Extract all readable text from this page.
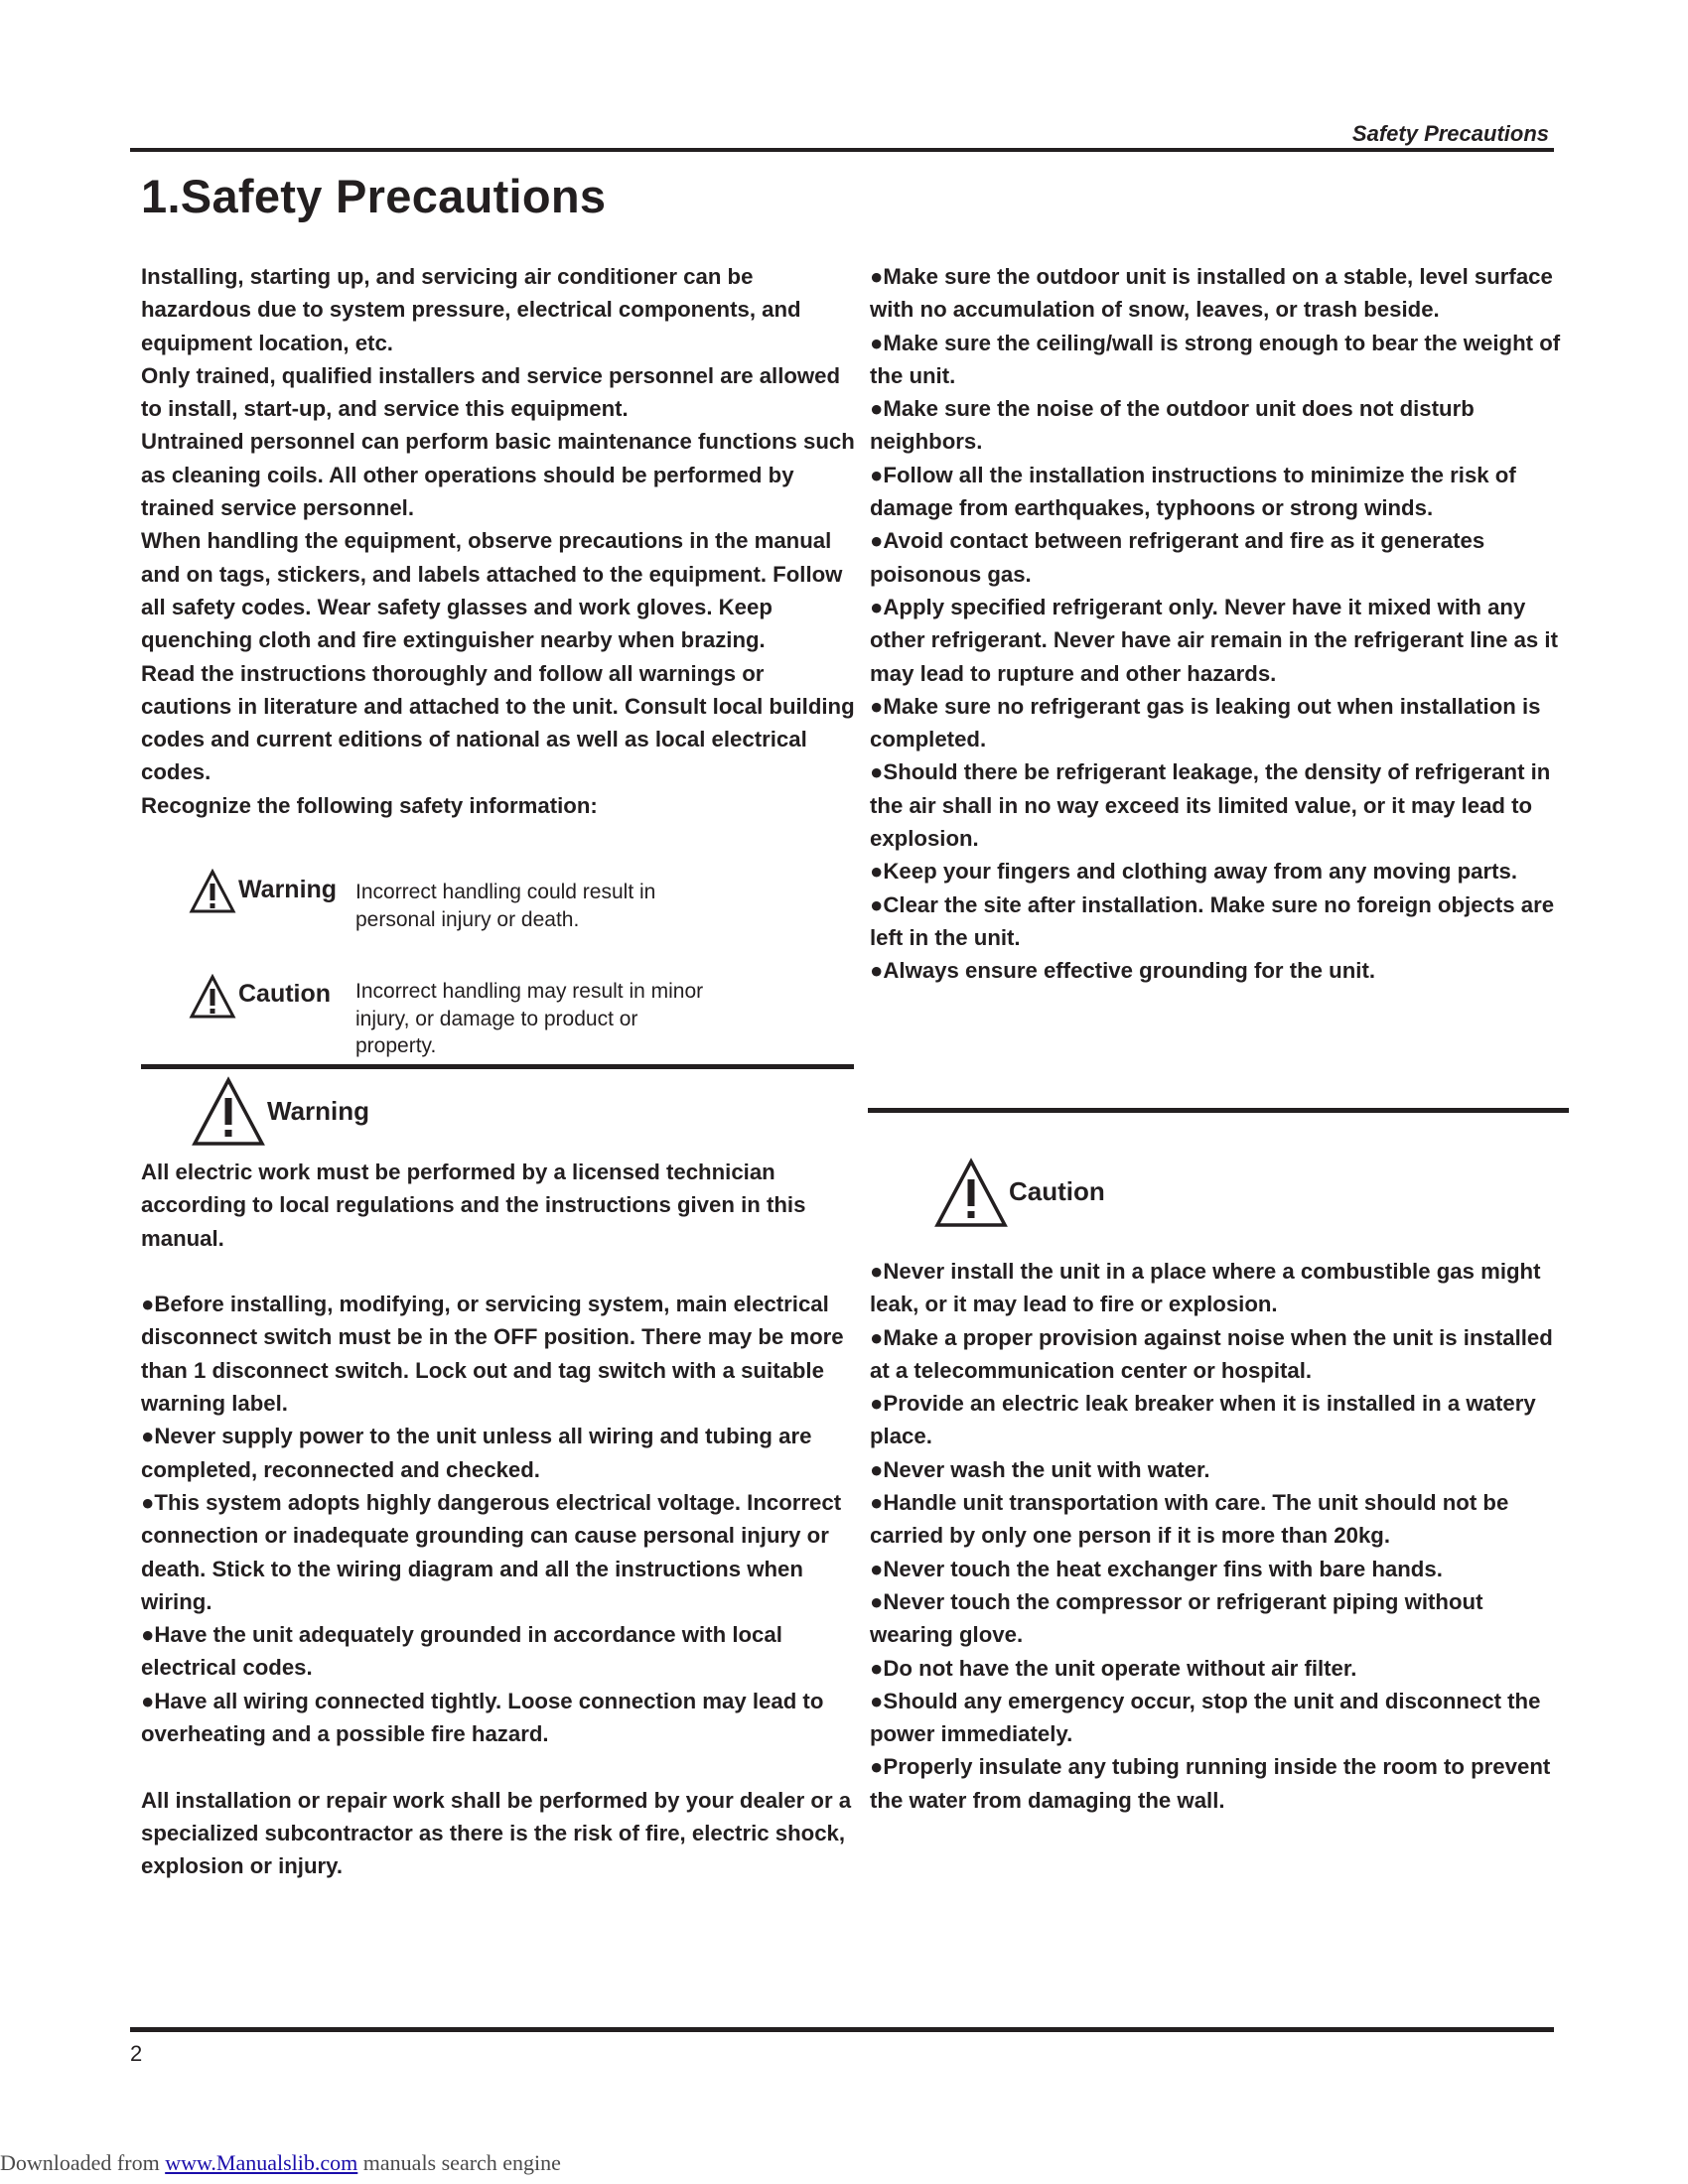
Safety Precautions
1.Safety Precautions

Installing, starting up, and servicing air conditioner can be hazardous due to system pressure, electrical components, and equipment location, etc.

Only trained, qualified installers and service personnel are allowed to install, start-up, and service this equipment.

Untrained personnel can perform basic maintenance functions such as cleaning coils. All other operations should be performed by trained service personnel.

When handling the equipment, observe precautions in the manual and on tags, stickers, and labels attached to the equipment. Follow all safety codes. Wear safety glasses and work gloves. Keep quenching cloth and fire extinguisher nearby when brazing.

Read the instructions thoroughly and follow all warnings or cautions in literature and attached to the unit. Consult local building codes and current editions of national as well as local electrical codes.

Recognize the following safety information:

Warning Incorrect handling could result in personal injury or death.
Caution Incorrect handling may result in minor injury, or damage to product or property.
Warning

All electric work must be performed by a licensed technician according to local regulations and the instructions given in this manual.

●Before installing, modifying, or servicing system, main electrical disconnect switch must be in the OFF position. There may be more than 1 disconnect switch. Lock out and tag switch with a suitable warning label.

●Never supply power to the unit unless all wiring and tubing are completed, reconnected and checked.

●This system adopts highly dangerous electrical voltage. Incorrect connection or inadequate grounding can cause personal injury or death. Stick to the wiring diagram and all the instructions when wiring.

●Have the unit adequately grounded in accordance with local electrical codes.

●Have all wiring connected tightly. Loose connection may lead to overheating and a possible fire hazard.

All installation or repair work shall be performed by your dealer or a specialized subcontractor as there is the risk of fire, electric shock, explosion or injury.

●Make sure the outdoor unit is installed on a stable, level surface with no accumulation of snow, leaves, or trash beside.

●Make sure the ceiling/wall is strong enough to bear the weight of the unit.

●Make sure the noise of the outdoor unit does not disturb neighbors.

●Follow all the installation instructions to minimize the risk of damage from earthquakes, typhoons or strong winds.

●Avoid contact between refrigerant and fire as it generates poisonous gas.

●Apply specified refrigerant only. Never have it mixed with any other refrigerant. Never have air remain in the refrigerant line as it may lead to rupture and other hazards.

●Make sure no refrigerant gas is leaking out when installation is completed.

●Should there be refrigerant leakage, the density of refrigerant in the air shall in no way exceed its limited value, or it may lead to explosion.

●Keep your fingers and clothing away from any moving parts.

●Clear the site after installation. Make sure no foreign objects are left in the unit.

●Always ensure effective grounding for the unit.

Caution

●Never install the unit in a place where a combustible gas might leak, or it may lead to fire or explosion.

●Make a proper provision against noise when the unit is installed at a telecommunication center or hospital.

●Provide an electric leak breaker when it is installed in a watery place.

●Never wash the unit with water.

●Handle unit transportation with care. The unit should not be carried by only one person if it is more than 20kg.

●Never touch the heat exchanger fins with bare hands.

●Never touch the compressor or refrigerant piping without wearing glove.

●Do not have the unit operate without air filter.

●Should any emergency occur, stop the unit and disconnect the power immediately.

●Properly insulate any tubing running inside the room to prevent the water from damaging the wall.

2
Downloaded from www.Manualslib.com manuals search engine
